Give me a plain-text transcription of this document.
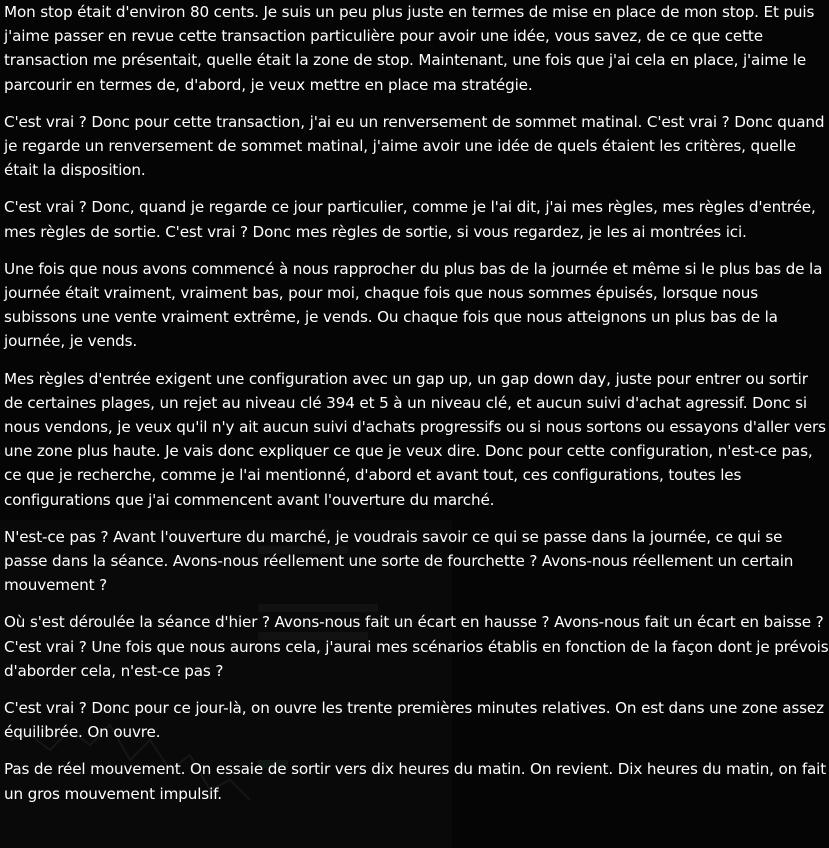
Mon stop était d'environ 80 cents. Je suis un peu plus juste en termes de mise en place de mon stop. Et puis j'aime passer en revue cette transaction particulière pour avoir une idée, vous savez, de ce que cette transaction me présentait, quelle était la zone de stop. Maintenant, une fois que j'ai cela en place, j'aime le parcourir en termes de, d'abord, je veux mettre en place ma stratégie.

C'est vrai ? Donc pour cette transaction, j'ai eu un renversement de sommet matinal. C'est vrai ? Donc quand je regarde un renversement de sommet matinal, j'aime avoir une idée de quels étaient les critères, quelle était la disposition.

C'est vrai ? Donc, quand je regarde ce jour particulier, comme je l'ai dit, j'ai mes règles, mes règles d'entrée, mes règles de sortie. C'est vrai ? Donc mes règles de sortie, si vous regardez, je les ai montrées ici.

Une fois que nous avons commencé à nous rapprocher du plus bas de la journée et même si le plus bas de la journée était vraiment, vraiment bas, pour moi, chaque fois que nous sommes épuisés, lorsque nous subissons une vente vraiment extrême, je vends. Ou chaque fois que nous atteignons un plus bas de la journée, je vends.

Mes règles d'entrée exigent une configuration avec un gap up, un gap down day, juste pour entrer ou sortir de certaines plages, un rejet au niveau clé 394 et 5 à un niveau clé, et aucun suivi d'achat agressif. Donc si nous vendons, je veux qu'il n'y ait aucun suivi d'achats progressifs ou si nous sortons ou essayons d'aller vers une zone plus haute. Je vais donc expliquer ce que je veux dire. Donc pour cette configuration, n'est-ce pas, ce que je recherche, comme je l'ai mentionné, d'abord et avant tout, ces configurations, toutes les configurations que j'ai commencent avant l'ouverture du marché.

N'est-ce pas ? Avant l'ouverture du marché, je voudrais savoir ce qui se passe dans la journée, ce qui se passe dans la séance. Avons-nous réellement une sorte de fourchette ? Avons-nous réellement un certain mouvement ?

Où s'est déroulée la séance d'hier ? Avons-nous fait un écart en hausse ? Avons-nous fait un écart en baisse ? C'est vrai ? Une fois que nous aurons cela, j'aurai mes scénarios établis en fonction de la façon dont je prévois d'aborder cela, n'est-ce pas ?

C'est vrai ? Donc pour ce jour-là, on ouvre les trente premières minutes relatives. On est dans une zone assez équilibrée. On ouvre.

Pas de réel mouvement. On essaie de sortir vers dix heures du matin. On revient. Dix heures du matin, on fait un gros mouvement impulsif.
